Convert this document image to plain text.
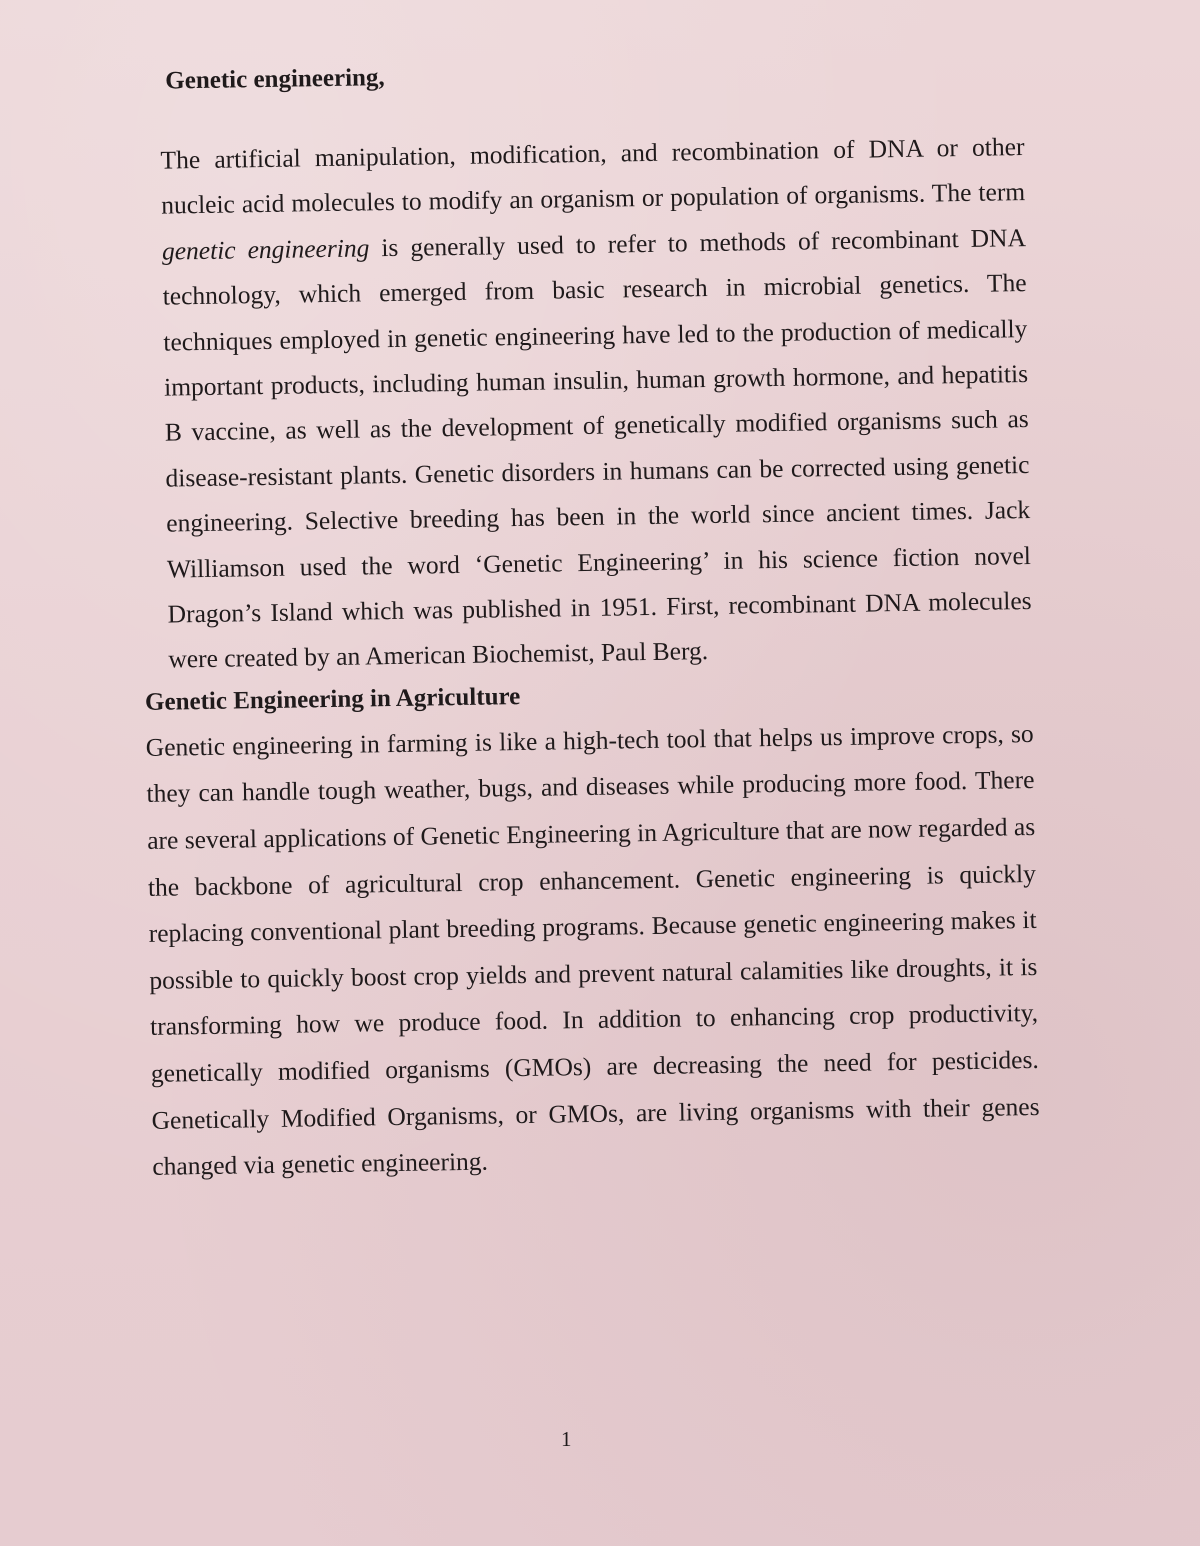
Genetic engineering,

The artificial manipulation, modification, and recombination of DNA or other nucleic acid molecules to modify an organism or population of organisms. The term genetic engineering is generally used to refer to methods of recombinant DNA technology, which emerged from basic research in microbial genetics. The techniques employed in genetic engineering have led to the production of medically important products, including human insulin, human growth hormone, and hepatitis B vaccine, as well as the development of genetically modified organisms such as disease-resistant plants. Genetic disorders in humans can be corrected using genetic engineering. Selective breeding has been in the world since ancient times. Jack Williamson used the word ‘Genetic Engineering’ in his science fiction novel Dragon’s Island which was published in 1951. First, recombinant DNA molecules were created by an American Biochemist, Paul Berg.

Genetic Engineering in Agriculture

Genetic engineering in farming is like a high-tech tool that helps us improve crops, so they can handle tough weather, bugs, and diseases while producing more food. There are several applications of Genetic Engineering in Agriculture that are now regarded as the backbone of agricultural crop enhancement. Genetic engineering is quickly replacing conventional plant breeding programs. Because genetic engineering makes it possible to quickly boost crop yields and prevent natural calamities like droughts, it is transforming how we produce food. In addition to enhancing crop productivity, genetically modified organisms (GMOs) are decreasing the need for pesticides. Genetically Modified Organisms, or GMOs, are living organisms with their genes changed via genetic engineering.

1
